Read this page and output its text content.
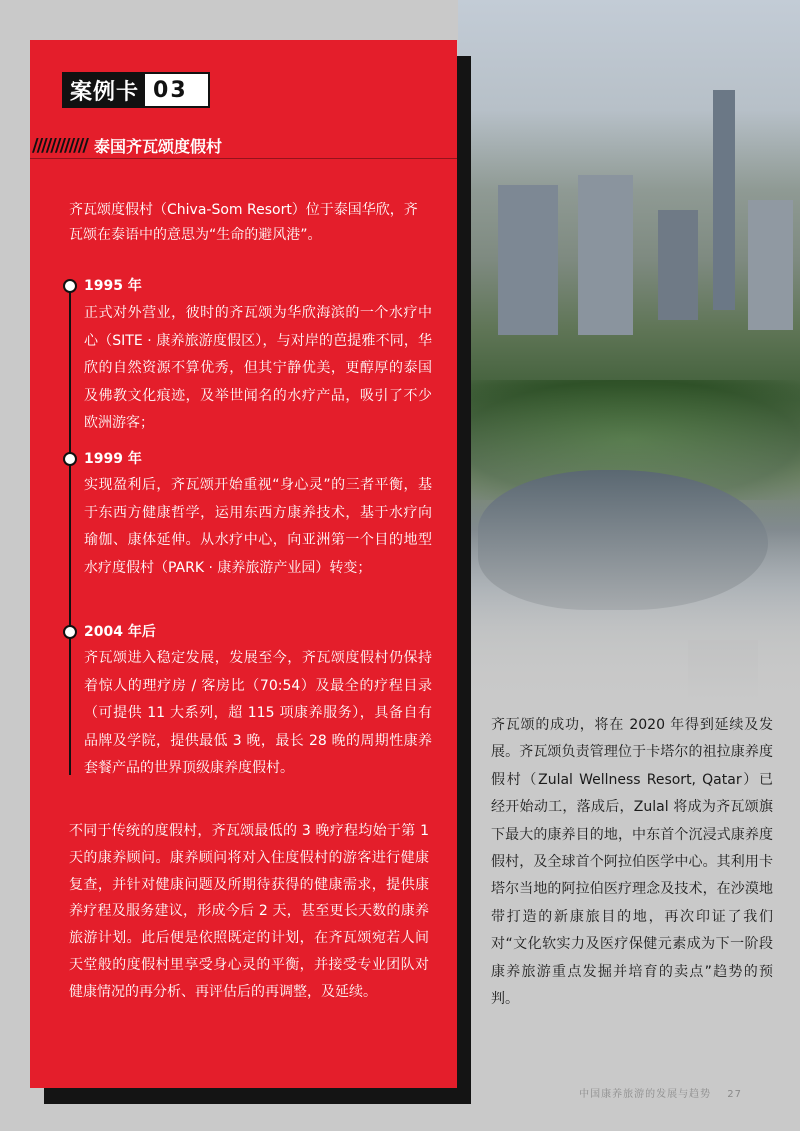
案例卡 03
//////////// 泰国齐瓦颂度假村
齐瓦颂度假村（Chiva-Som Resort）位于泰国华欣，齐瓦颂在泰语中的意思为“生命的避风港”。
1995 年
正式对外营业，彼时的齐瓦颂为华欣海滨的一个水疗中心（SITE · 康养旅游度假区），与对岸的芭提雅不同，华欣的自然资源不算优秀，但其宁静优美，更醇厚的泰国及佛教文化痕迹，及举世闻名的水疗产品，吸引了不少欧洲游客；
1999 年
实现盈利后，齐瓦颂开始重视“身心灵”的三者平衡，基于东西方健康哲学，运用东西方康养技术，基于水疗向瑜伽、康体延伸。从水疗中心，向亚洲第一个目的地型水疗度假村（PARK · 康养旅游产业园）转变；
2004 年后
齐瓦颂进入稳定发展，发展至今，齐瓦颂度假村仍保持着惊人的理疗房 / 客房比（70:54）及最全的疗程目录（可提供 11 大系列，超 115 项康养服务），具备自有品牌及学院，提供最低 3 晚，最长 28 晚的周期性康养套餐产品的世界顶级康养度假村。
不同于传统的度假村，齐瓦颂最低的 3 晚疗程均始于第 1 天的康养顾问。康养顾问将对入住度假村的游客进行健康复查，并针对健康问题及所期待获得的健康需求，提供康养疗程及服务建议，形成今后 2 天，甚至更长天数的康养旅游计划。此后便是依照既定的计划，在齐瓦颂宛若人间天堂般的度假村里享受身心灵的平衡，并接受专业团队对健康情况的再分析、再评估后的再调整，及延续。
齐瓦颂的成功，将在 2020 年得到延续及发展。齐瓦颂负责管理位于卡塔尔的祖拉康养度假村（Zulal Wellness Resort, Qatar）已经开始动工，落成后，Zulal 将成为齐瓦颂旗下最大的康养目的地，中东首个沉浸式康养度假村，及全球首个阿拉伯医学中心。其利用卡塔尔当地的阿拉伯医疗理念及技术，在沙漠地带打造的新康旅目的地，再次印证了我们对“文化软实力及医疗保健元素成为下一阶段康养旅游重点发掘并培育的卖点”趋势的预判。
中国康养旅游的发展与趋势 27
